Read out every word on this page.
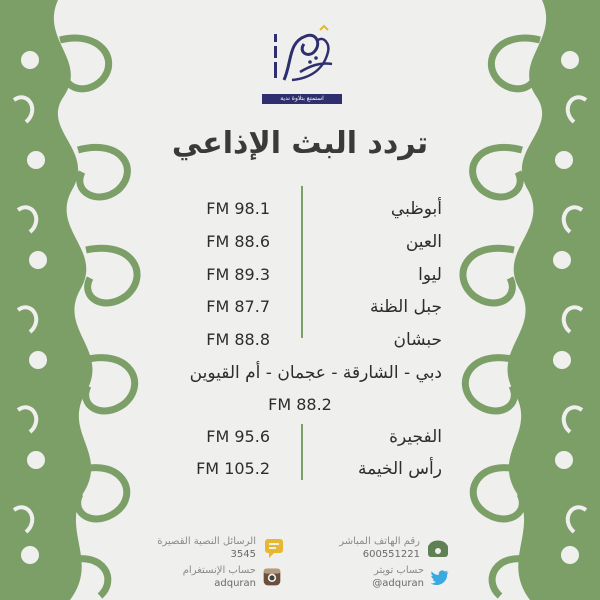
استمتع بتلاوة ندية
تردد البث الإذاعي
أبوظبي
FM 98.1
العين
FM 88.6
ليوا
FM 89.3
جبل الظنة
FM 87.7
حبشان
FM 88.8
دبي - الشارقة - عجمان - أم القيوين
FM 88.2
الفجيرة
FM 95.6
رأس الخيمة
FM 105.2
رقم الهاتف المباشر
600551221
الرسائل النصية القصيرة
3545
حساب تويتر
@adquran
حساب الإنستغرام
adquran
